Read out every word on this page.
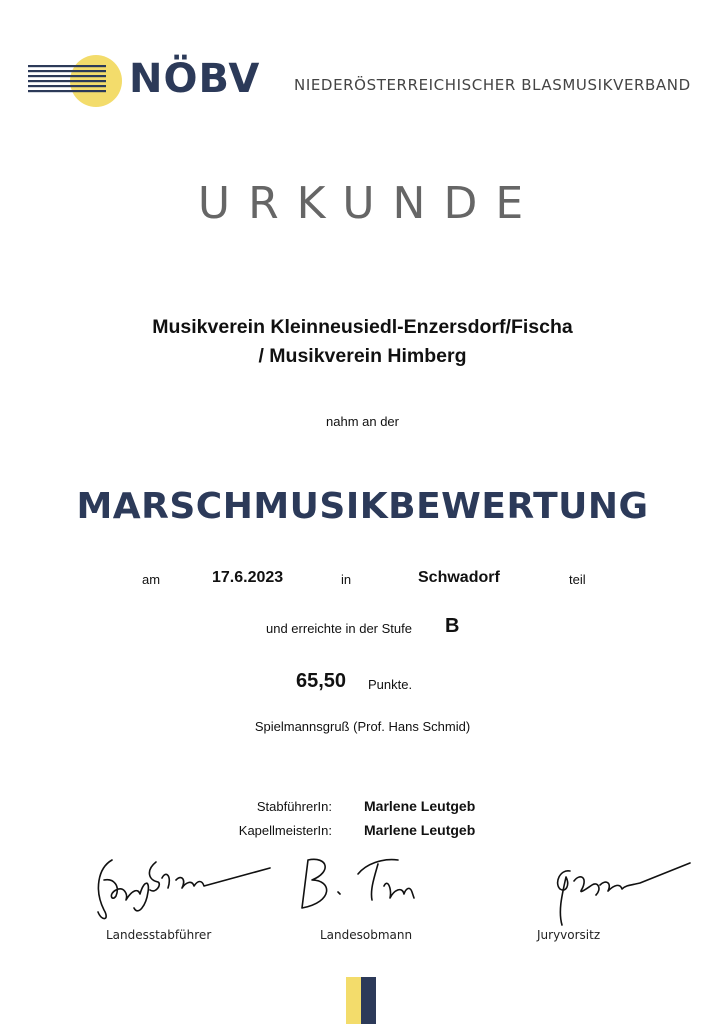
NÖBV NIEDERÖSTERREICHISCHER BLASMUSIKVERBAND
URKUNDE
Musikverein Kleinneusiedl-Enzersdorf/Fischa
/ Musikverein Himberg
nahm an der
MARSCHMUSIKBEWERTUNG
am	17.6.2023	in	Schwadorf	teil
und erreichte in der Stufe B
65,50 Punkte.
Spielmannsgruß (Prof. Hans Schmid)
StabführerIn: Marlene Leutgeb
KapellmeisterIn: Marlene Leutgeb
Landesstabführer	Landesobmann	Juryvorsitz
